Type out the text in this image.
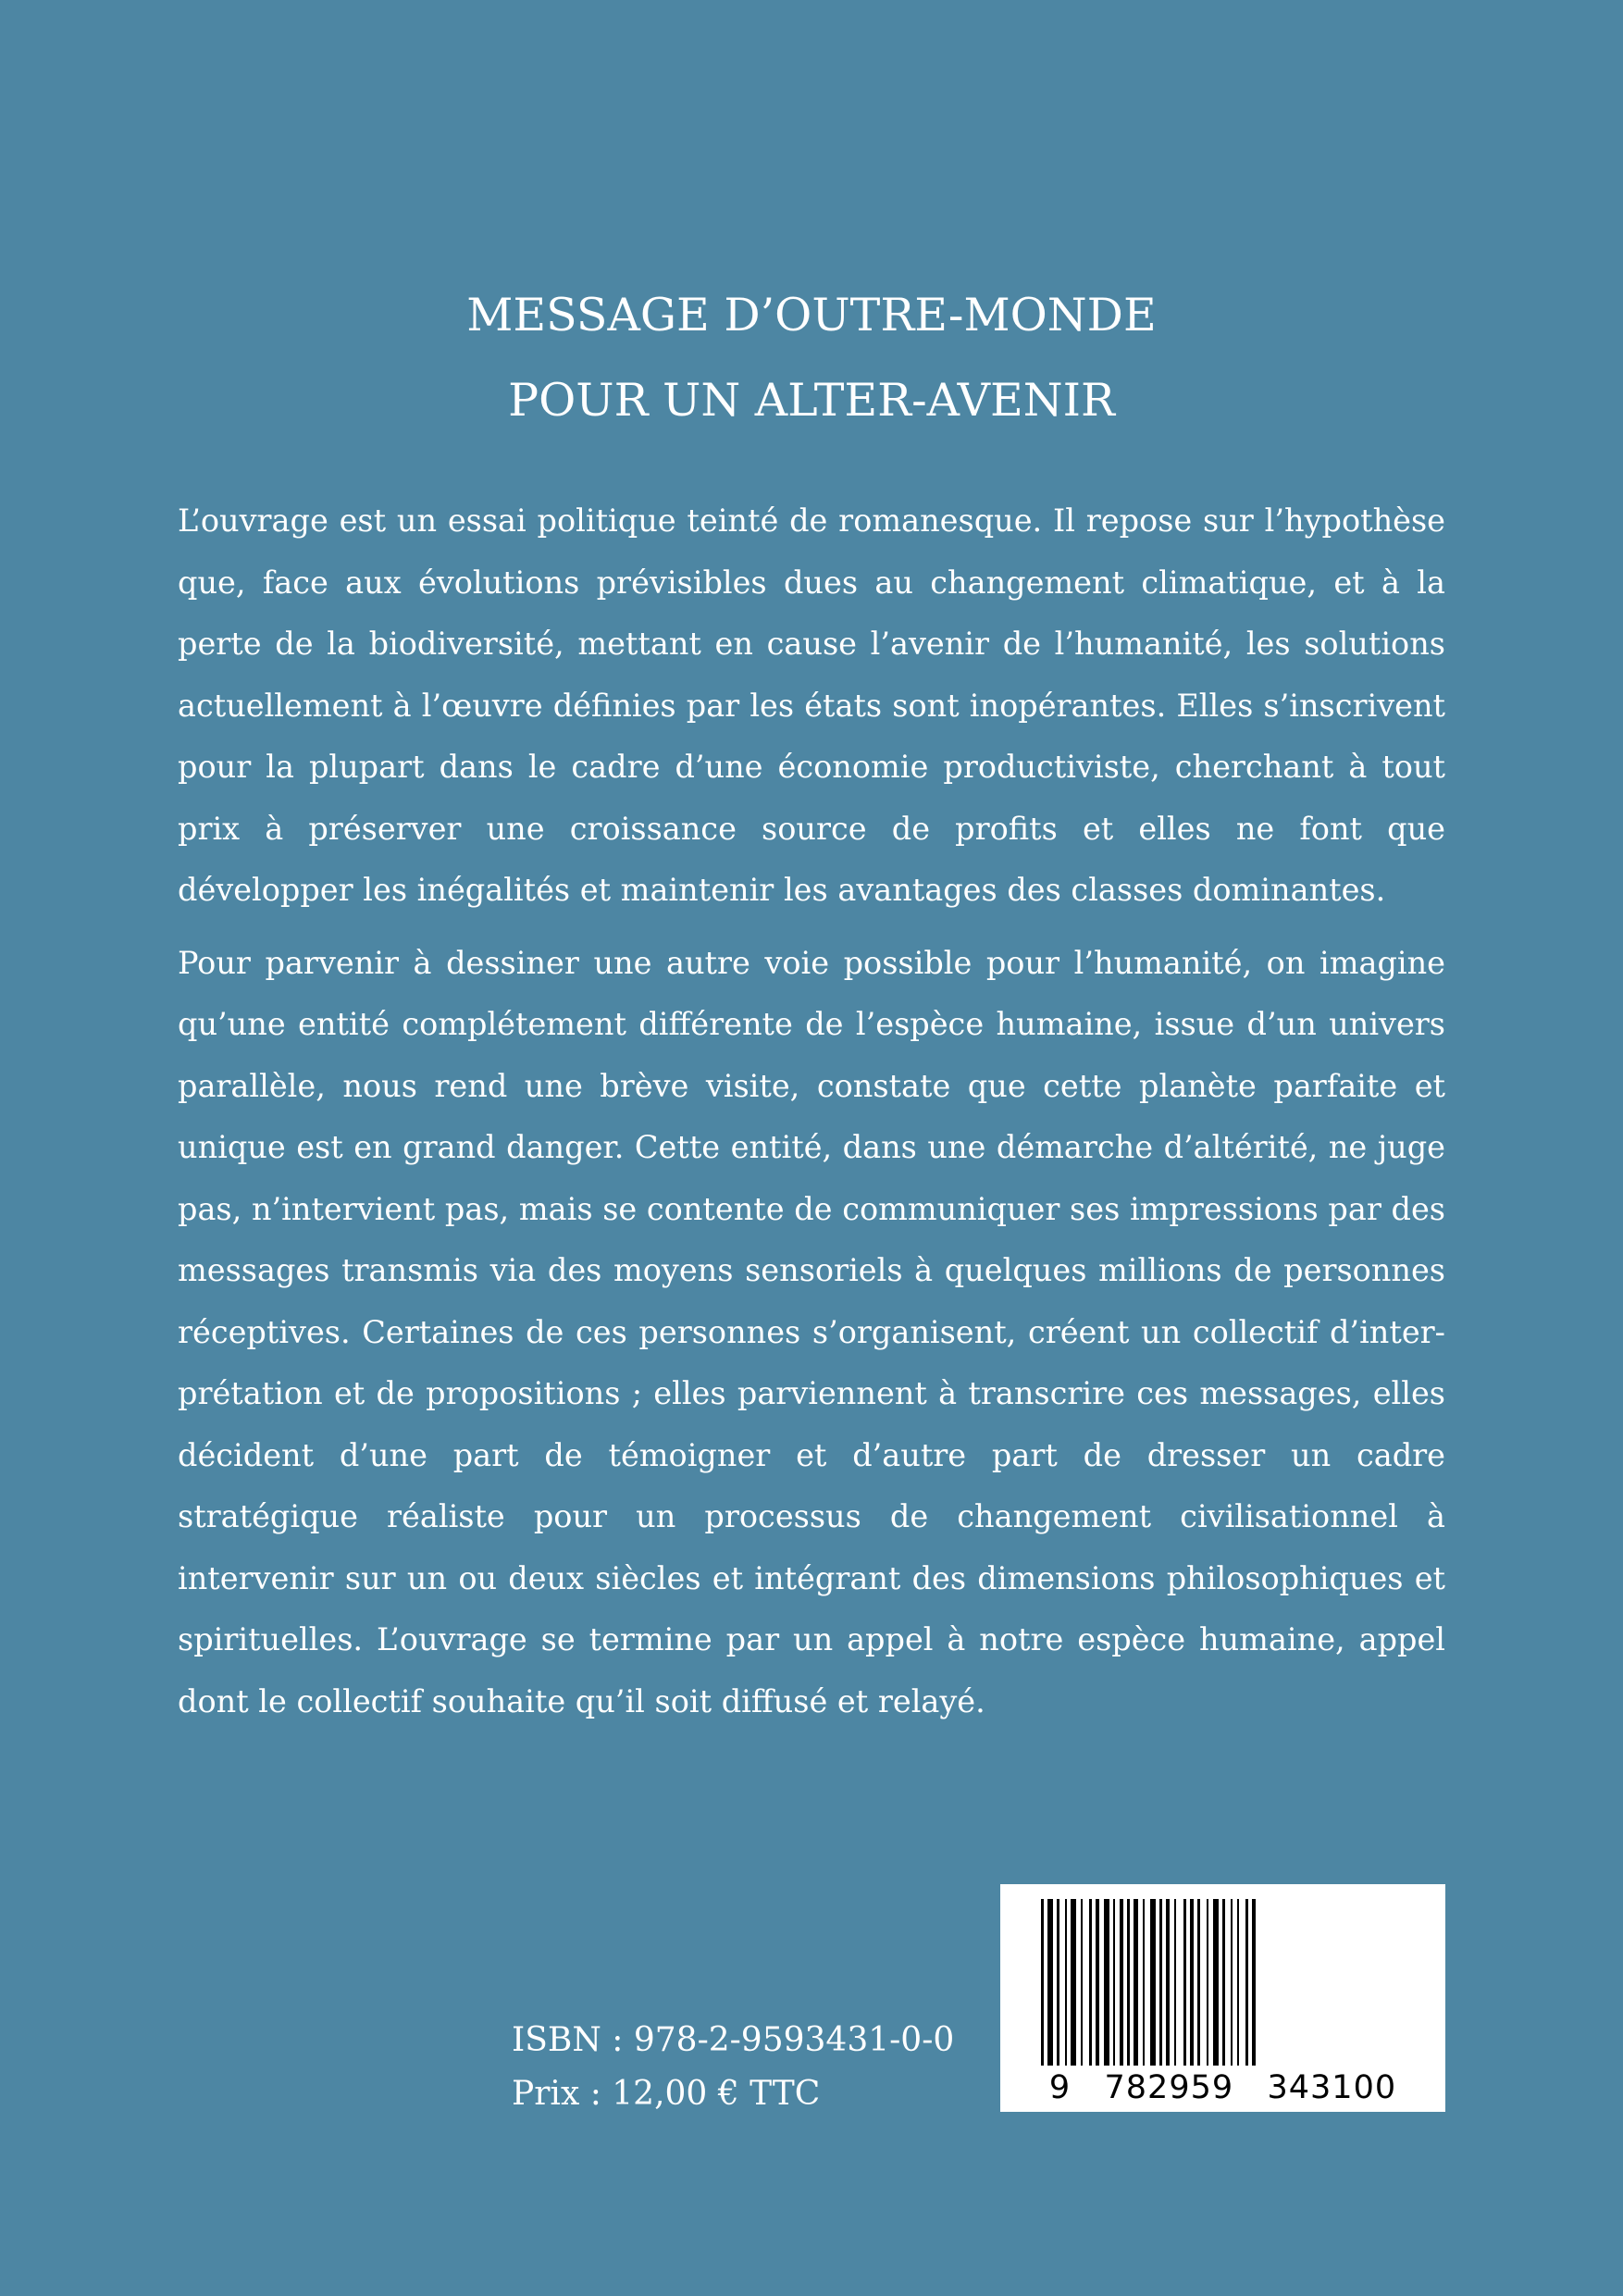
MESSAGE D’OUTRE-MONDE
POUR UN ALTER-AVENIR

L’ouvrage est un essai politique teinté de romanesque. Il repose sur l’hypothèse que, face aux évolutions prévisibles dues au changement climatique, et à la perte de la biodiversité, mettant en cause l’avenir de l’humanité, les solutions actuellement à l’œuvre définies par les états sont inopérantes. Elles s’inscrivent pour la plupart dans le cadre d’une économie productiviste, cherchant à tout prix à préserver une croissance source de profits et elles ne font que développer les inégalités et maintenir les avantages des classes dominantes.

Pour parvenir à dessiner une autre voie possible pour l’humanité, on imagine qu’une entité complétement différente de l’espèce humaine, issue d’un univers parallèle, nous rend une brève visite, constate que cette planète parfaite et unique est en grand danger. Cette entité, dans une démarche d’altérité, ne juge pas, n’intervient pas, mais se contente de communiquer ses impressions par des messages transmis via des moyens sensoriels à quelques millions de personnes réceptives. Certaines de ces personnes s’organisent, créent un collectif d’interprétation et de propositions ; elles parviennent à transcrire ces messages, elles décident d’une part de témoigner et d’autre part de dresser un cadre stratégique réaliste pour un processus de changement civilisationnel à intervenir sur un ou deux siècles et intégrant des dimensions philosophiques et spirituelles. L’ouvrage se termine par un appel à notre espèce humaine, appel dont le collectif souhaite qu’il soit diffusé et relayé.

ISBN : 978-2-9593431-0-0
Prix : 12,00 € TTC	9   782959   343100
